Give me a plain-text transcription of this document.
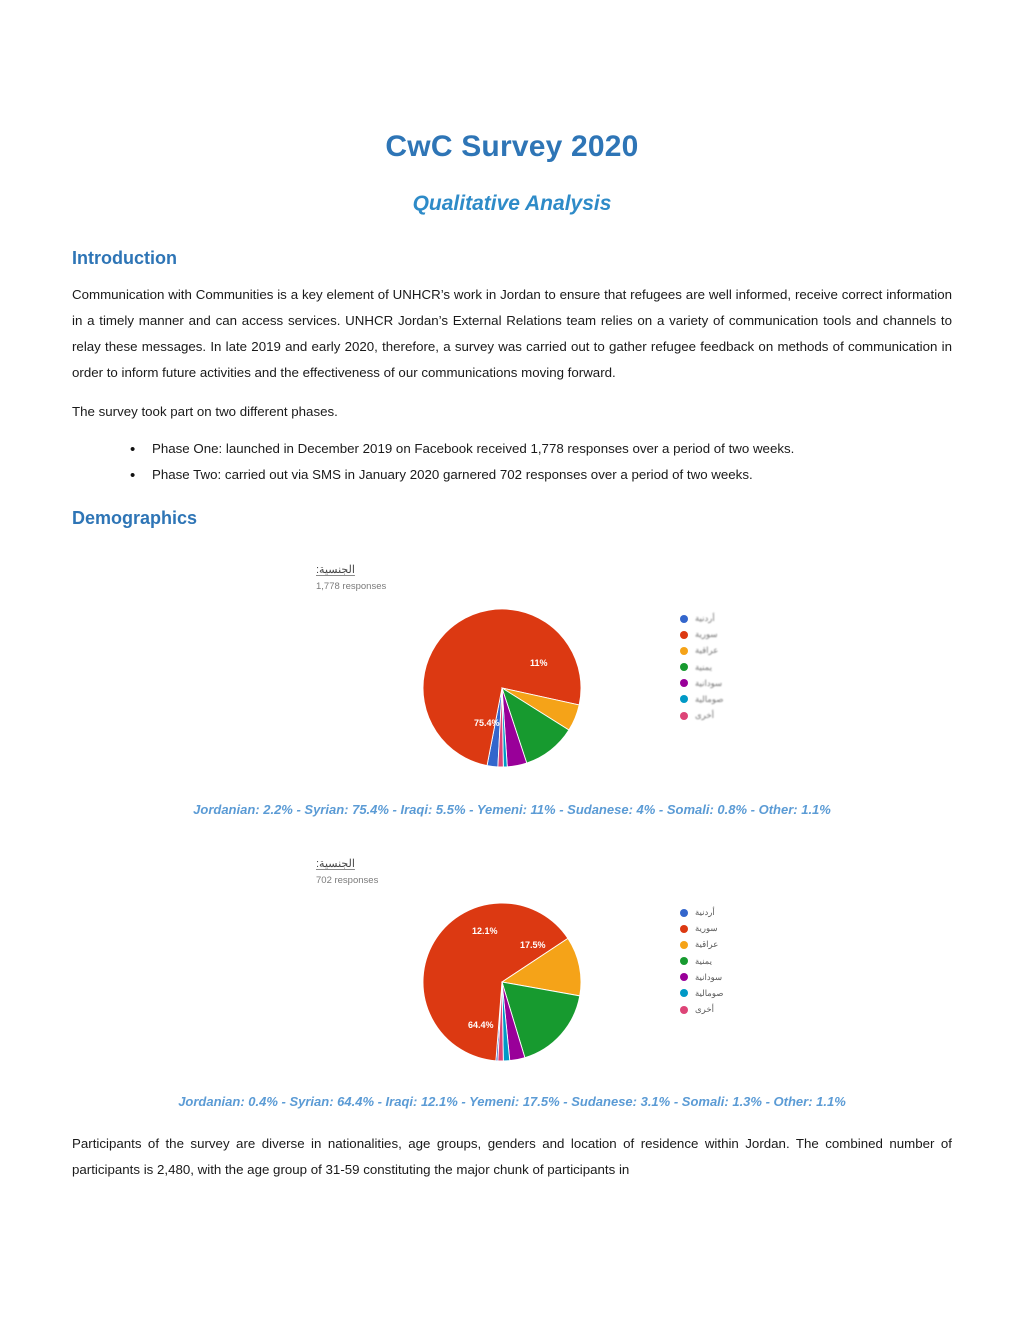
CwC Survey 2020
Qualitative Analysis
Introduction

Communication with Communities is a key element of UNHCR’s work in Jordan to ensure that refugees are well informed, receive correct information in a timely manner and can access services. UNHCR Jordan’s External Relations team relies on a variety of communication tools and channels to relay these messages. In late 2019 and early 2020, therefore, a survey was carried out to gather refugee feedback on methods of communication in order to inform future activities and the effectiveness of our communications moving forward.

The survey took part on two different phases.

• Phase One: launched in December 2019 on Facebook received 1,778 responses over a period of two weeks.
• Phase Two: carried out via SMS in January 2020 garnered 702 responses over a period of two weeks.
Demographics
الجنسية:
1,778 responses
75.4%
11%
أردنية
سورية
عراقية
يمنية
سودانية
صومالية
أخرى
Jordanian: 2.2% - Syrian: 75.4% - Iraqi: 5.5% - Yemeni: 11% - Sudanese: 4% - Somali: 0.8% - Other: 1.1%
الجنسية:
702 responses
64.4%
12.1%
17.5%
أردنية
سورية
عراقية
يمنية
سودانية
صومالية
أخرى
Jordanian: 0.4% - Syrian: 64.4% - Iraqi: 12.1% - Yemeni: 17.5% - Sudanese: 3.1% - Somali: 1.3% - Other: 1.1%

Participants of the survey are diverse in nationalities, age groups, genders and location of residence within Jordan. The combined number of participants is 2,480, with the age group of 31-59 constituting the major chunk of participants in
